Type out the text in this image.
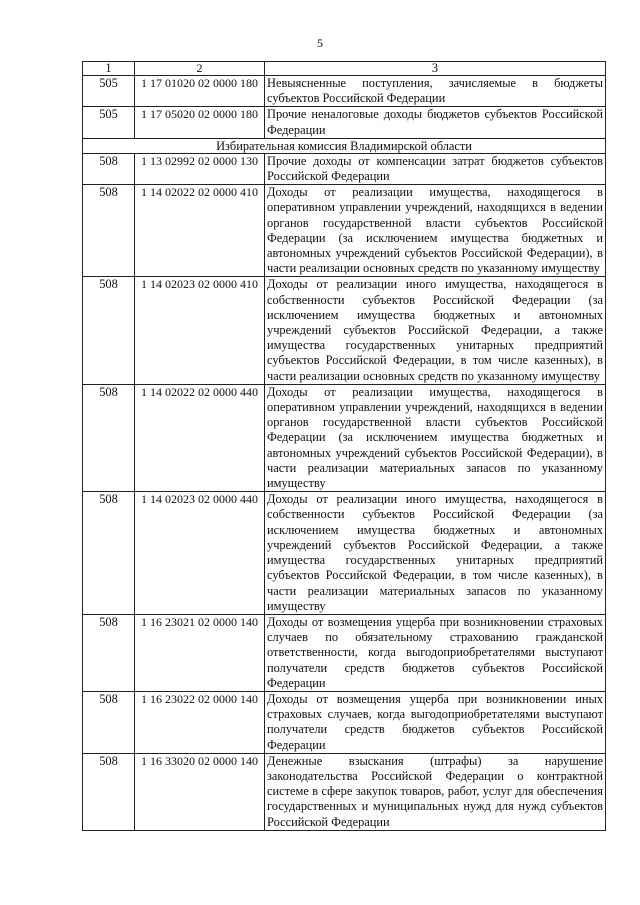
5
1	2	3
505	1 17 01020 02 0000 180	Невыясненные поступления, зачисляемые в бюджеты субъектов Российской Федерации
505	1 17 05020 02 0000 180	Прочие неналоговые доходы бюджетов субъектов Российской Федерации
Избирательная комиссия Владимирской области		
508	1 13 02992 02 0000 130	Прочие доходы от компенсации затрат бюджетов субъектов Российской Федерации
508	1 14 02022 02 0000 410	Доходы от реализации имущества, находящегося в оперативном управлении учреждений, находящихся в ведении органов государственной власти субъектов Российской Федерации (за исключением имущества бюджетных и автономных учреждений субъектов Российской Федерации), в части реализации основных средств по указанному имуществу
508	1 14 02023 02 0000 410	Доходы от реализации иного имущества, находящегося в собственности субъектов Российской Федерации (за исключением имущества бюджетных и автономных учреждений субъектов Российской Федерации, а также имущества государственных унитарных предприятий субъектов Российской Федерации, в том числе казенных), в части реализации основных средств по указанному имуществу
508	1 14 02022 02 0000 440	Доходы от реализации имущества, находящегося в оперативном управлении учреждений, находящихся в ведении органов государственной власти субъектов Российской Федерации (за исключением имущества бюджетных и автономных учреждений субъектов Российской Федерации), в части реализации материальных запасов по указанному имуществу
508	1 14 02023 02 0000 440	Доходы от реализации иного имущества, находящегося в собственности субъектов Российской Федерации (за исключением имущества бюджетных и автономных учреждений субъектов Российской Федерации, а также имущества государственных унитарных предприятий субъектов Российской Федерации, в том числе казенных), в части реализации материальных запасов по указанному имуществу
508	1 16 23021 02 0000 140	Доходы от возмещения ущерба при возникновении страховых случаев по обязательному страхованию гражданской ответственности, когда выгодоприобретателями выступают получатели средств бюджетов субъектов Российской Федерации
508	1 16 23022 02 0000 140	Доходы от возмещения ущерба при возникновении иных страховых случаев, когда выгодоприобретателями выступают получатели средств бюджетов субъектов Российской Федерации
508	1 16 33020 02 0000 140	Денежные взыскания (штрафы) за нарушение законодательства Российской Федерации о контрактной системе в сфере закупок товаров, работ, услуг для обеспечения государственных и муниципальных нужд для нужд субъектов Российской Федерации
